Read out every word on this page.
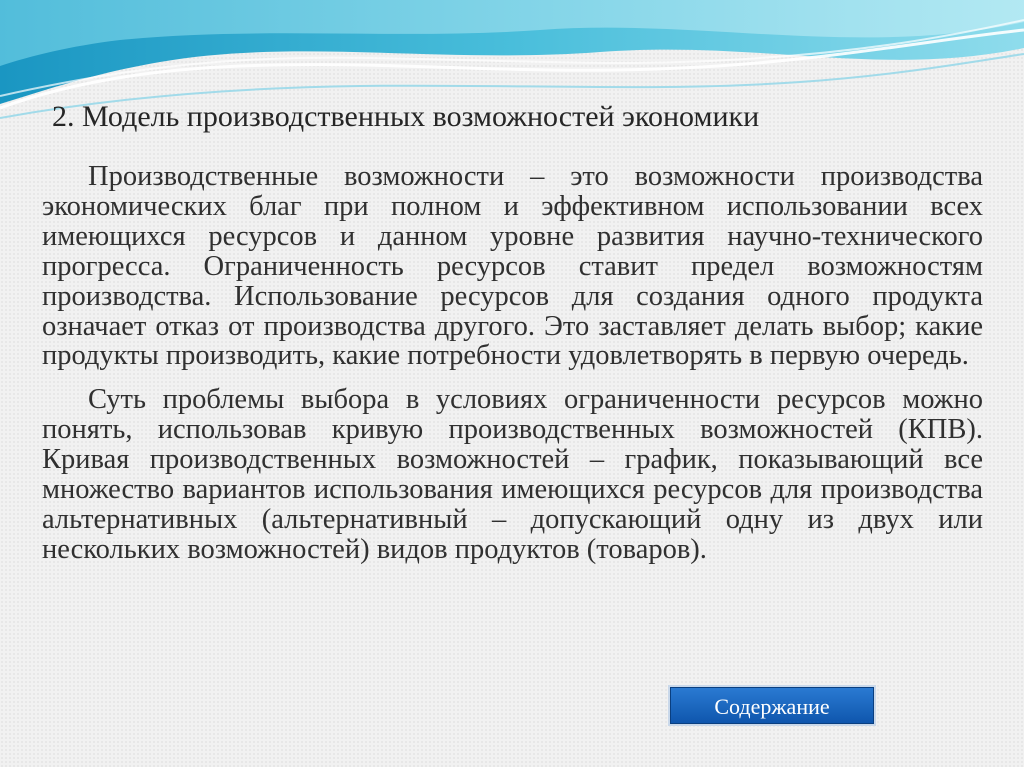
2. Модель производственных возможностей экономики

Производственные возможности – это возможности производства экономических благ при полном и эффективном использовании всех имеющихся ресурсов и данном уровне развития научно-технического прогресса. Ограниченность ресурсов ставит предел возможностям производства. Использование ресурсов для создания одного продукта означает отказ от производства другого. Это заставляет делать выбор; какие продукты производить, какие потребности удовлетворять в первую очередь.

Суть проблемы выбора в условиях ограниченности ресурсов можно понять, использовав кривую производственных возможностей (КПВ). Кривая производственных возможностей – график, показывающий все множество вариантов использования имеющихся ресурсов для производства альтернативных (альтернативный – допускающий одну из двух или нескольких возможностей) видов продуктов (товаров).

Содержание
